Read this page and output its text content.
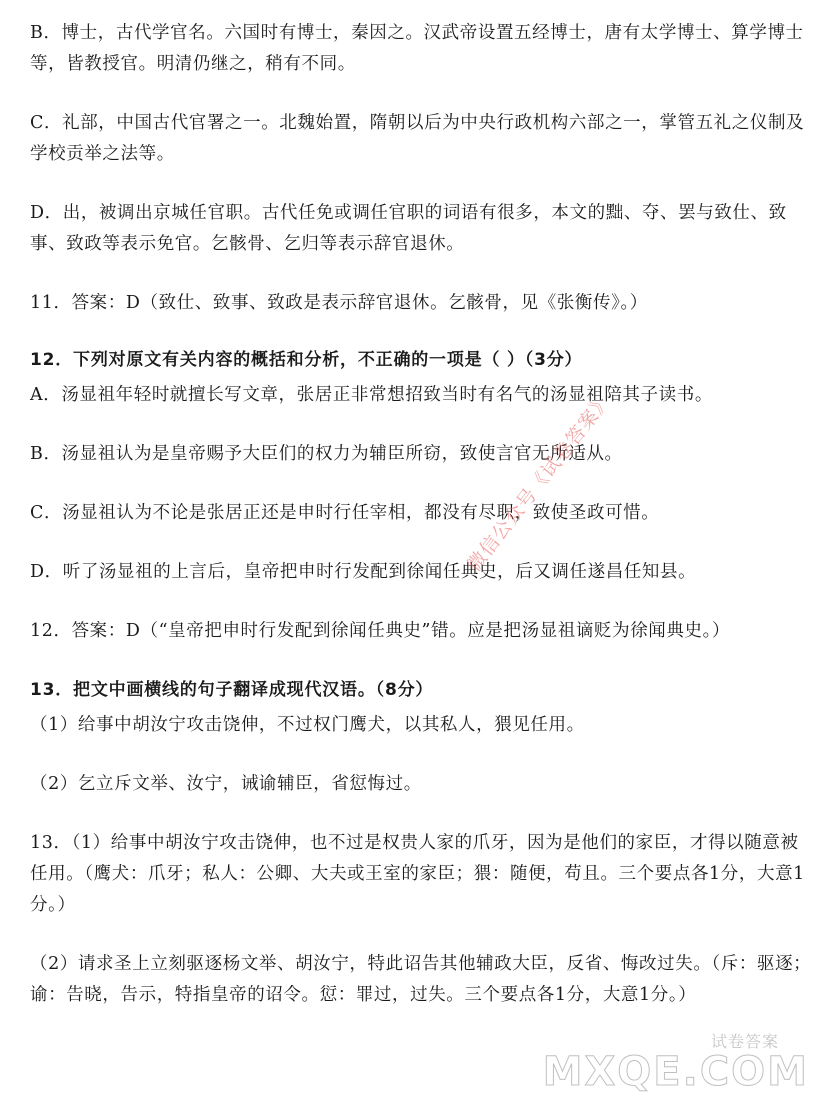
B．博士，古代学官名。六国时有博士，秦因之。汉武帝设置五经博士，唐有太学博士、算学博士等，皆教授官。明清仍继之，稍有不同。

C．礼部，中国古代官署之一。北魏始置，隋朝以后为中央行政机构六部之一，掌管五礼之仪制及学校贡举之法等。

D．出，被调出京城任官职。古代任免或调任官职的词语有很多，本文的黜、夺、罢与致仕、致事、致政等表示免官。乞骸骨、乞归等表示辞官退休。

11．答案：D（致仕、致事、致政是表示辞官退休。乞骸骨，见《张衡传》。）

12．下列对原文有关内容的概括和分析，不正确的一项是（ ）（3分）

A．汤显祖年轻时就擅长写文章，张居正非常想招致当时有名气的汤显祖陪其子读书。

B．汤显祖认为是皇帝赐予大臣们的权力为辅臣所窃，致使言官无所适从。

C．汤显祖认为不论是张居正还是申时行任宰相，都没有尽职，致使圣政可惜。

D．听了汤显祖的上言后，皇帝把申时行发配到徐闻任典史，后又调任遂昌任知县。

12．答案：D（“皇帝把申时行发配到徐闻任典史”错。应是把汤显祖谪贬为徐闻典史。）

13．把文中画横线的句子翻译成现代汉语。（8分）

（1）给事中胡汝宁攻击饶伸，不过权门鹰犬，以其私人，猥见任用。

（2）乞立斥文举、汝宁，诫谕辅臣，省愆悔过。

13．（1）给事中胡汝宁攻击饶伸，也不过是权贵人家的爪牙，因为是他们的家臣，才得以随意被任用。（鹰犬：爪牙；私人：公卿、大夫或王室的家臣；猥：随便，苟且。三个要点各1分，大意1分。）

（2）请求圣上立刻驱逐杨文举、胡汝宁，特此诏告其他辅政大臣，反省、悔改过失。（斥：驱逐；谕：告晓，告示，特指皇帝的诏令。愆：罪过，过失。三个要点各1分，大意1分。）

微信公众号《试卷答案》
试卷答案
MXQE.COM
